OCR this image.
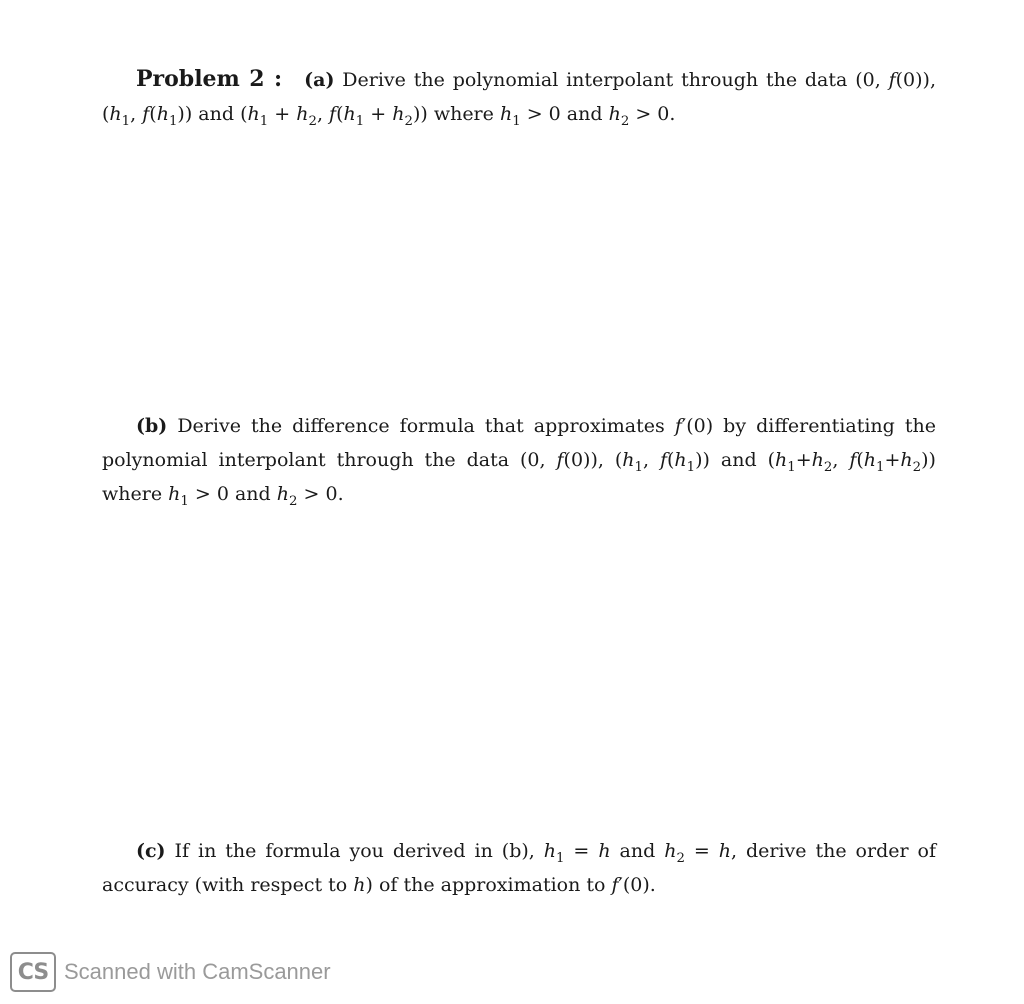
Problem 2 : (a) Derive the polynomial interpolant through the data (0, f(0)), ($h_1$, $f(h_1)$) and ($h_1 + h_2$, $f(h_1 + h_2)$) where $h_1 > 0$ and $h_2 > 0$.

(b) Derive the difference formula that approximates f′(0) by differentiating the polynomial interpolant through the data (0, f(0)), ($h_1$, $f(h_1)$) and ($h_1+h_2$, $f(h_1+h_2)$) where $h_1 > 0$ and $h_2 > 0$.

(c) If in the formula you derived in (b), $h_1 = h$ and $h_2 = h$, derive the order of accuracy (with respect to h) of the approximation to f′(0).

CS Scanned with CamScanner
